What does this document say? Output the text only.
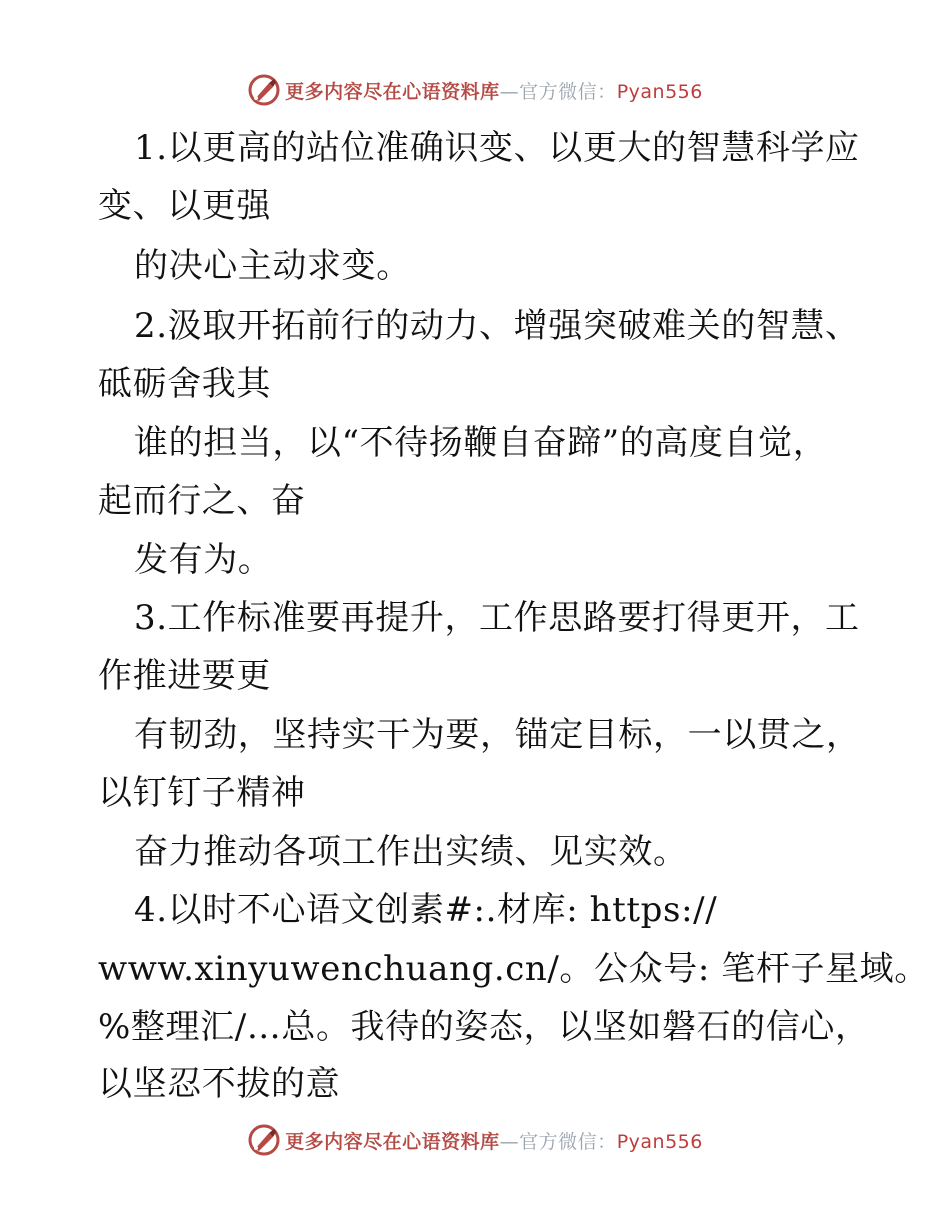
更多内容尽在心语资料库—官方微信：Pyan556
1.以更高的站位准确识变、以更大的智慧科学应
变、以更强
的决心主动求变。
2.汲取开拓前行的动力、增强突破难关的智慧、
砥砺舍我其
谁的担当，以“不待扬鞭自奋蹄”的高度自觉，
起而行之、奋
发有为。
3.工作标准要再提升，工作思路要打得更开，工
作推进要更
有韧劲，坚持实干为要，锚定目标，一以贯之，
以钉钉子精神
奋力推动各项工作出实绩、见实效。
4.以时不心语文创素#:.材库: https://
www.xinyuwenchuang.cn/。公众号: 笔杆子星域。
%整理汇/…总。我待的姿态，以坚如磐石的信心，
以坚忍不拔的意
更多内容尽在心语资料库—官方微信：Pyan556
